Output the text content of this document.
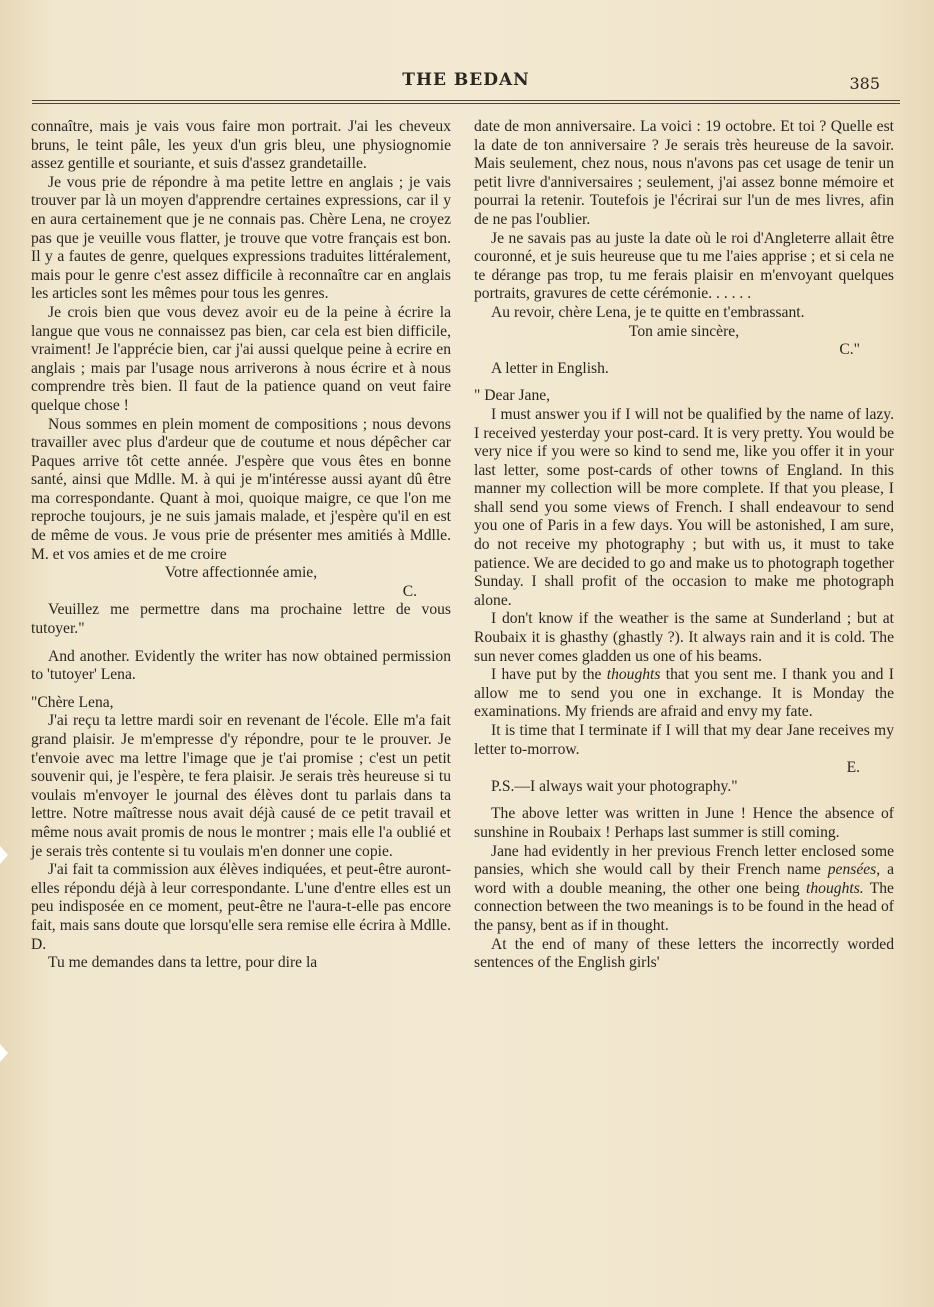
THE BEDAN	385

connaître, mais je vais vous faire mon portrait. J'ai les cheveux bruns, le teint pâle, les yeux d'un gris bleu, une physiognomie assez gentille et souriante, et suis d'assez grandetaille.

Je vous prie de répondre à ma petite lettre en anglais ; je vais trouver par là un moyen d'apprendre certaines expressions, car il y en aura certainement que je ne connais pas. Chère Lena, ne croyez pas que je veuille vous flatter, je trouve que votre français est bon. Il y a fautes de genre, quelques expressions traduites littéralement, mais pour le genre c'est assez difficile à reconnaître car en anglais les articles sont les mêmes pour tous les genres.

Je crois bien que vous devez avoir eu de la peine à écrire la langue que vous ne connaissez pas bien, car cela est bien difficile, vraiment! Je l'apprécie bien, car j'ai aussi quelque peine à ecrire en anglais ; mais par l'usage nous arriverons à nous écrire et à nous comprendre très bien. Il faut de la patience quand on veut faire quelque chose !

Nous sommes en plein moment de compositions ; nous devons travailler avec plus d'ardeur que de coutume et nous dépêcher car Paques arrive tôt cette année. J'espère que vous êtes en bonne santé, ainsi que Mdlle. M. à qui je m'intéresse aussi ayant dû être ma correspondante. Quant à moi, quoique maigre, ce que l'on me reproche toujours, je ne suis jamais malade, et j'espère qu'il en est de même de vous. Je vous prie de présenter mes amitiés à Mdlle. M. et vos amies et de me croire

Votre affectionnée amie,

C.

Veuillez me permettre dans ma prochaine lettre de vous tutoyer."

And another. Evidently the writer has now obtained permission to 'tutoyer' Lena.

"Chère Lena,

J'ai reçu ta lettre mardi soir en revenant de l'école. Elle m'a fait grand plaisir. Je m'empresse d'y répondre, pour te le prouver. Je t'envoie avec ma lettre l'image que je t'ai promise ; c'est un petit souvenir qui, je l'espère, te fera plaisir. Je serais très heureuse si tu voulais m'envoyer le journal des élèves dont tu parlais dans ta lettre. Notre maîtresse nous avait déjà causé de ce petit travail et même nous avait promis de nous le montrer ; mais elle l'a oublié et je serais très contente si tu voulais m'en donner une copie.

J'ai fait ta commission aux élèves indiquées, et peut-être auront-elles répondu déjà à leur correspondante. L'une d'entre elles est un peu indisposée en ce moment, peut-être ne l'aura-t-elle pas encore fait, mais sans doute que lorsqu'elle sera remise elle écrira à Mdlle. D.

Tu me demandes dans ta lettre, pour dire la

date de mon anniversaire. La voici : 19 octobre. Et toi ? Quelle est la date de ton anniversaire ? Je serais très heureuse de la savoir. Mais seulement, chez nous, nous n'avons pas cet usage de tenir un petit livre d'anniversaires ; seulement, j'ai assez bonne mémoire et pourrai la retenir. Toutefois je l'écrirai sur l'un de mes livres, afin de ne pas l'oublier.

Je ne savais pas au juste la date où le roi d'Angleterre allait être couronné, et je suis heureuse que tu me l'aies apprise ; et si cela ne te dérange pas trop, tu me ferais plaisir en m'envoyant quelques portraits, gravures de cette cérémonie. . . . . .

Au revoir, chère Lena, je te quitte en t'embrassant.

Ton amie sincère,

C."

A letter in English.

" Dear Jane,

I must answer you if I will not be qualified by the name of lazy. I received yesterday your post-card. It is very pretty. You would be very nice if you were so kind to send me, like you offer it in your last letter, some post-cards of other towns of England. In this manner my collection will be more complete. If that you please, I shall send you some views of French. I shall endeavour to send you one of Paris in a few days. You will be astonished, I am sure, do not receive my photography ; but with us, it must to take patience. We are decided to go and make us to photograph together Sunday. I shall profit of the occasion to make me photograph alone.

I don't know if the weather is the same at Sunderland ; but at Roubaix it is ghasthy (ghastly ?). It always rain and it is cold. The sun never comes gladden us one of his beams.

I have put by the thoughts that you sent me. I thank you and I allow me to send you one in exchange. It is Monday the examinations. My friends are afraid and envy my fate.

It is time that I terminate if I will that my dear Jane receives my letter to-morrow.

E.

P.S.—I always wait your photography."

The above letter was written in June ! Hence the absence of sunshine in Roubaix ! Perhaps last summer is still coming.

Jane had evidently in her previous French letter enclosed some pansies, which she would call by their French name pensées, a word with a double meaning, the other one being thoughts. The connection between the two meanings is to be found in the head of the pansy, bent as if in thought.

At the end of many of these letters the incorrectly worded sentences of the English girls'
